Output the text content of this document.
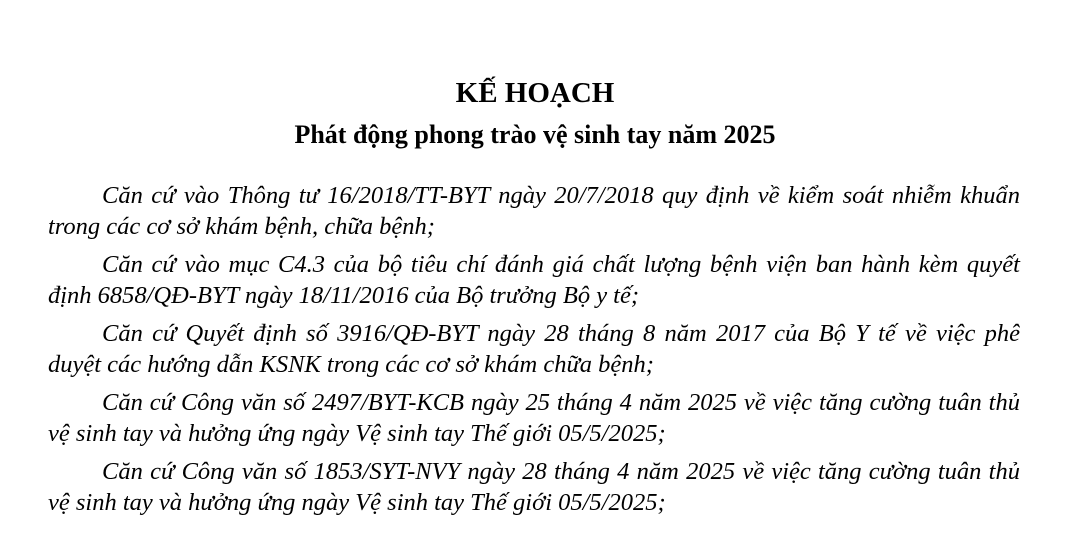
KẾ HOẠCH
Phát động phong trào vệ sinh tay năm 2025

Căn cứ vào Thông tư 16/2018/TT-BYT ngày 20/7/2018 quy định về kiểm soát nhiễm khuẩn trong các cơ sở khám bệnh, chữa bệnh;

Căn cứ vào mục C4.3 của bộ tiêu chí đánh giá chất lượng bệnh viện ban hành kèm quyết định 6858/QĐ-BYT ngày 18/11/2016 của Bộ trưởng Bộ y tế;

Căn cứ Quyết định số 3916/QĐ-BYT ngày 28 tháng 8 năm 2017 của Bộ Y tế về việc phê duyệt các hướng dẫn KSNK trong các cơ sở khám chữa bệnh;

Căn cứ Công văn số 2497/BYT-KCB ngày 25 tháng 4 năm 2025 về việc tăng cường tuân thủ vệ sinh tay và hưởng ứng ngày Vệ sinh tay Thế giới 05/5/2025;

Căn cứ Công văn số 1853/SYT-NVY ngày 28 tháng 4 năm 2025 về việc tăng cường tuân thủ vệ sinh tay và hưởng ứng ngày Vệ sinh tay Thế giới 05/5/2025;
